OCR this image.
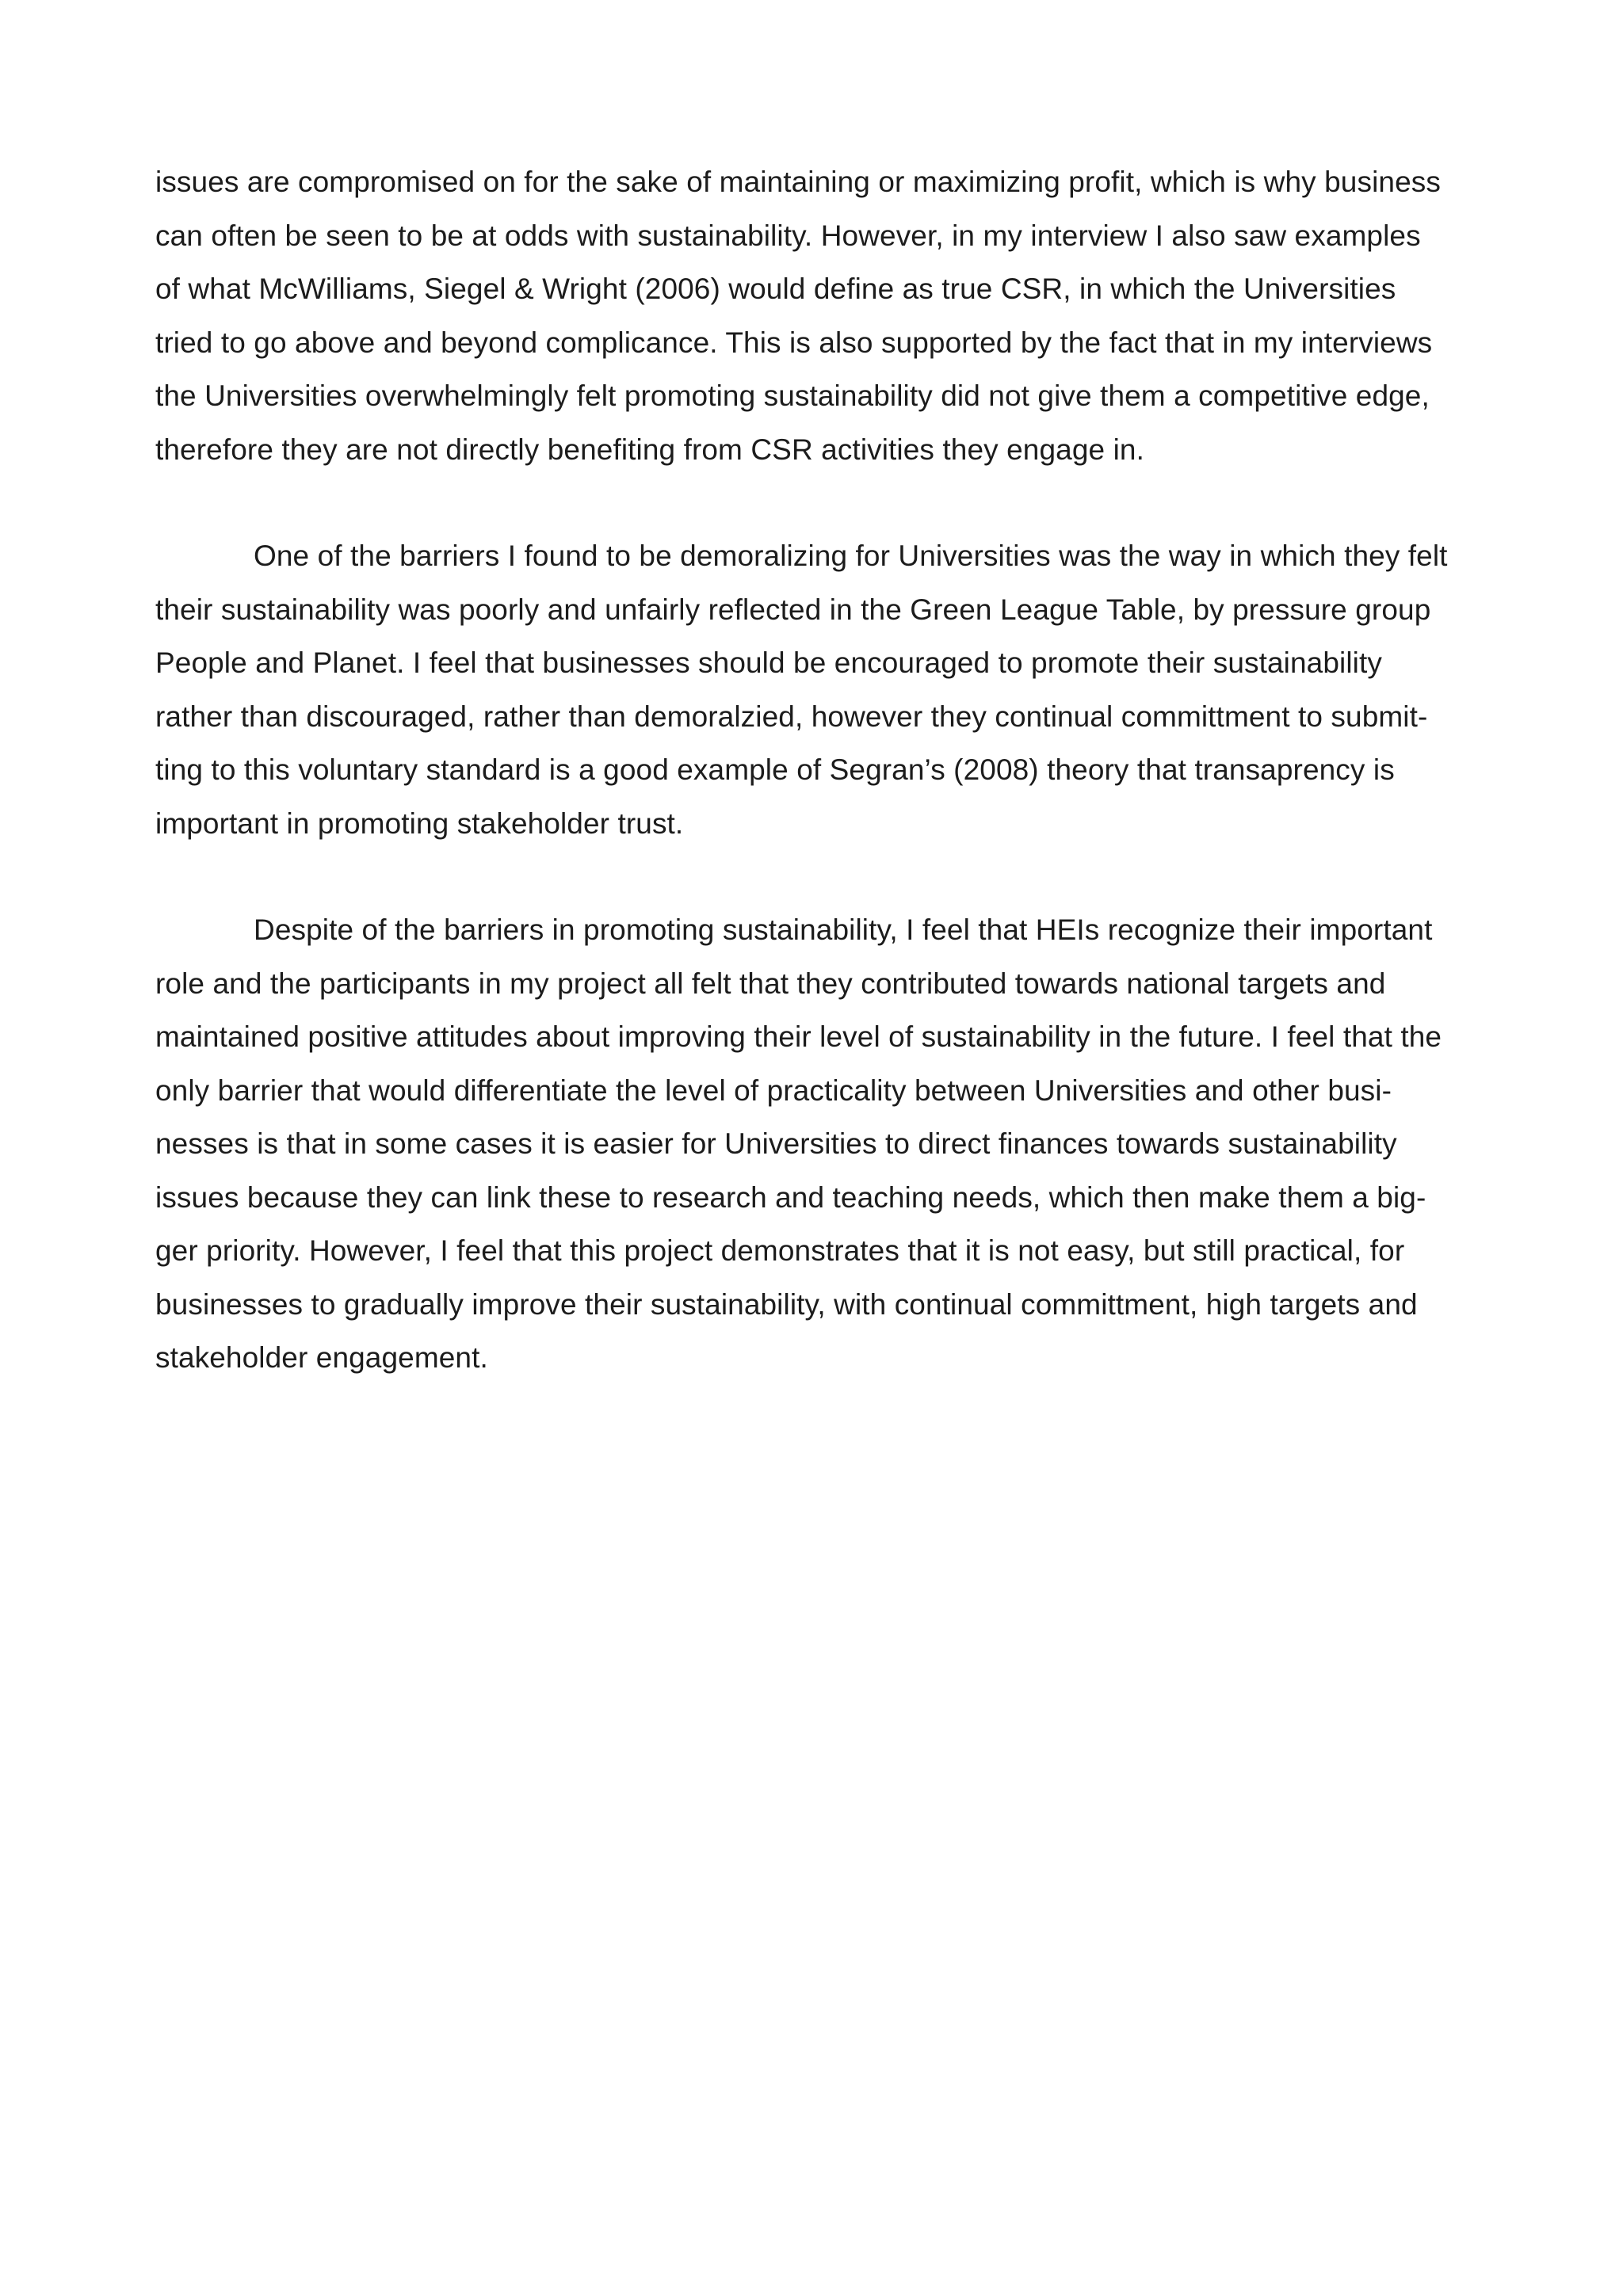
issues are compromised on for the sake of maintaining or maximizing profit, which is why business
can often be seen to be at odds with sustainability. However, in my interview I also saw examples
of what McWilliams, Siegel & Wright (2006) would define as true CSR, in which the Universities
tried to go above and beyond complicance. This is also supported by the fact that in my interviews
the Universities overwhelmingly felt promoting sustainability did not give them a competitive edge,
therefore they are not directly benefiting from CSR activities they engage in.
One of the barriers I found to be demoralizing for Universities was the way in which they felt
their sustainability was poorly and unfairly reflected in the Green League Table, by pressure group
People and Planet. I feel that businesses should be encouraged to promote their sustainability
rather than discouraged, rather than demoralzied, however they continual committment to submit-
ting to this voluntary standard is a good example of Segran’s (2008) theory that transaprency is
important in promoting stakeholder trust.
Despite of the barriers in promoting sustainability, I feel that HEIs recognize their important
role and the participants in my project all felt that they contributed towards national targets and
maintained positive attitudes about improving their level of sustainability in the future. I feel that the
only barrier that would differentiate the level of practicality between Universities and other busi-
nesses is that in some cases it is easier for Universities to direct finances towards sustainability
issues because they can link these to research and teaching needs, which then make them a big-
ger priority. However, I feel that this project demonstrates that it is not easy, but still practical, for
businesses to gradually improve their sustainability, with continual committment, high targets and
stakeholder engagement.
